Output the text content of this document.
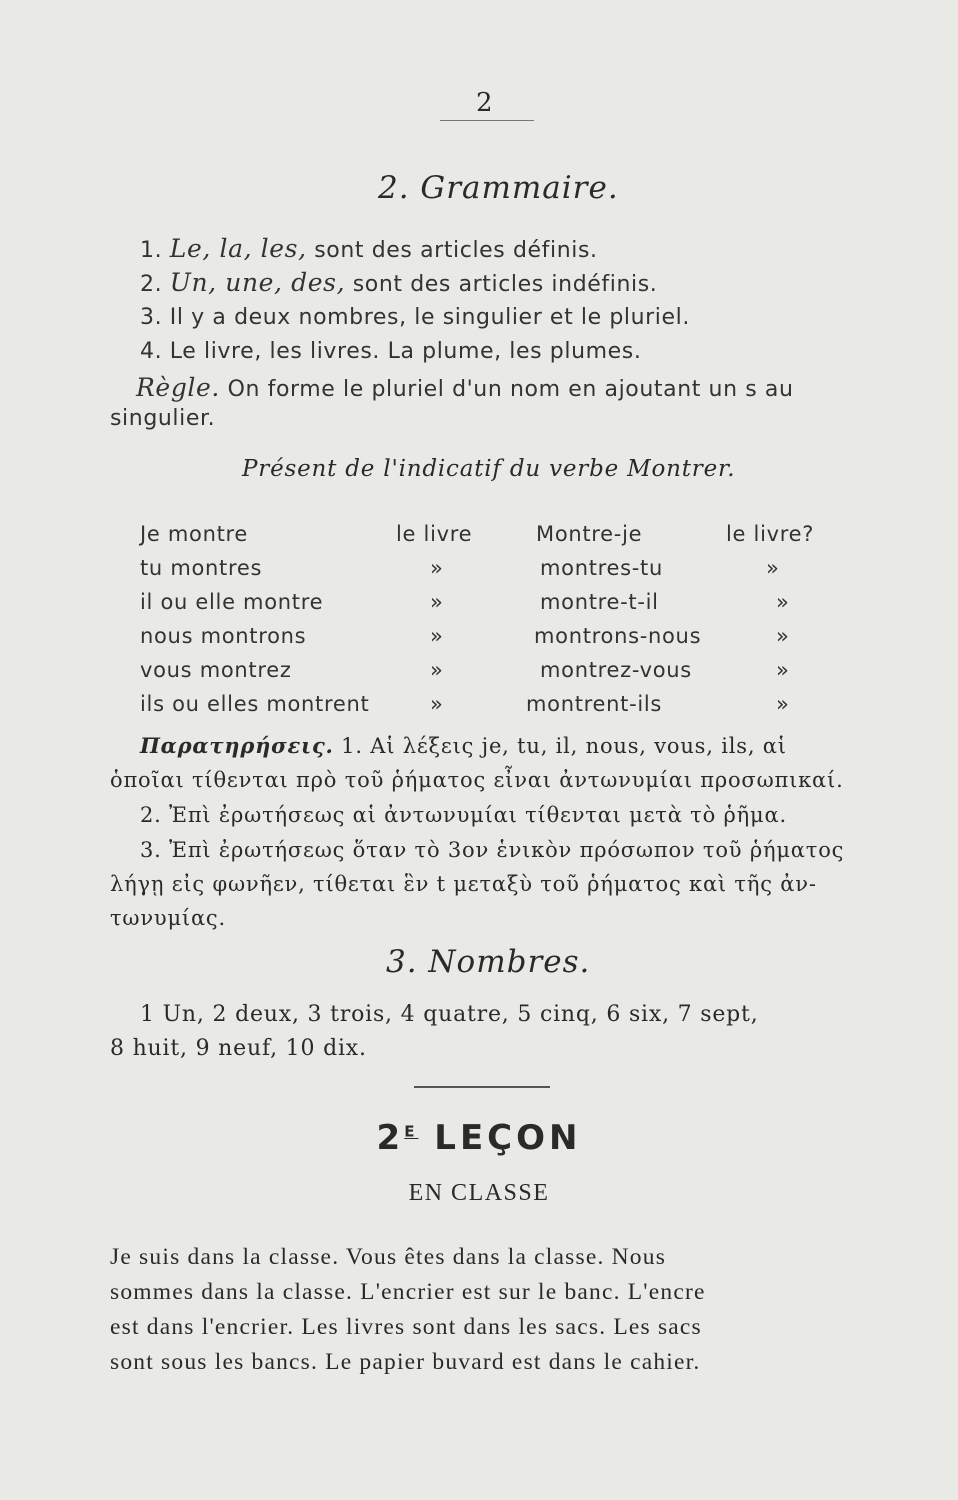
2
2. Grammaire.
1. Le, la, les, sont des articles définis.
2. Un, une, des, sont des articles indéfinis.
3. Il y a deux nombres, le singulier et le pluriel.
4. Le livre, les livres. La plume, les plumes.
Règle. On forme le pluriel d'un nom en ajoutant un s au
singulier.
Présent de l'indicatif du verbe Montrer.
Je montre	le livre	Montre-je	le livre?
tu montres	»	montres-tu	»
il ou elle montre	»	montre-t-il	»
nous montrons	»	montrons-nous	»
vous montrez	»	montrez-vous	»
ils ou elles montrent	»	montrent-ils	»
Παρατηρήσεις. 1. Αἱ λέξεις je, tu, il, nous, vous, ils, αἱ
ὁποῖαι τίθενται πρὸ τοῦ ῥήματος εἶναι ἀντωνυμίαι προσωπικαί.
2. Ἐπὶ ἐρωτήσεως αἱ ἀντωνυμίαι τίθενται μετὰ τὸ ῥῆμα.
3. Ἐπὶ ἐρωτήσεως ὅταν τὸ 3ον ἑνικὸν πρόσωπον τοῦ ῥήματος
λήγῃ εἰς φωνῆεν, τίθεται ἓν t μεταξὺ τοῦ ῥήματος καὶ τῆς ἀν-
τωνυμίας.
3. Nombres.
1 Un, 2 deux, 3 trois, 4 quatre, 5 cinq, 6 six, 7 sept,
8 huit, 9 neuf, 10 dix.
$2^E$ LEÇON
EN CLASSE
Je suis dans la classe. Vous êtes dans la classe. Nous
sommes dans la classe. L'encrier est sur le banc. L'encre
est dans l'encrier. Les livres sont dans les sacs. Les sacs
sont sous les bancs. Le papier buvard est dans le cahier.
